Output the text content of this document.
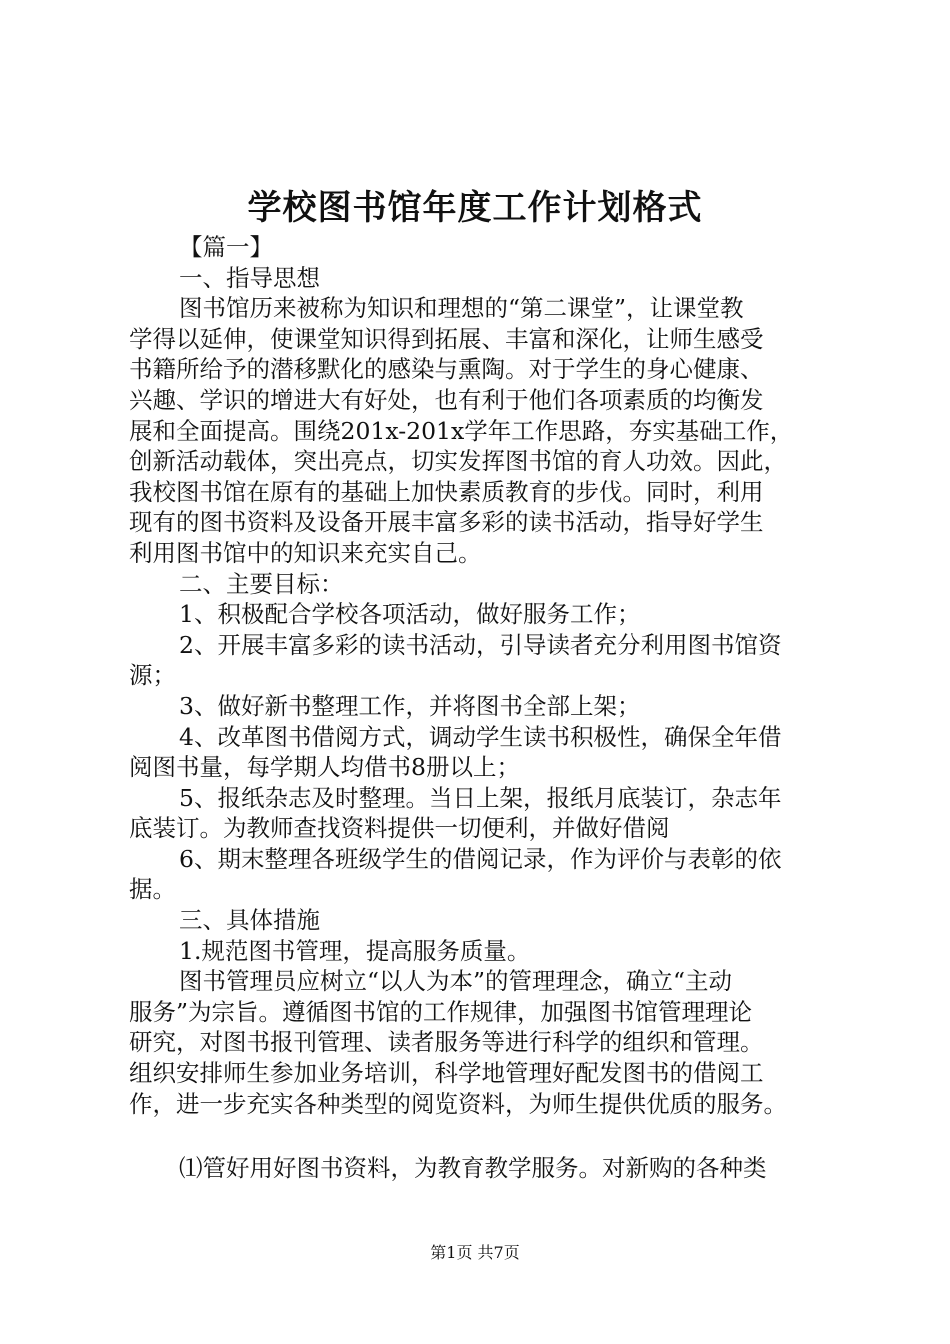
学校图书馆年度工作计划格式
【篇一】
一、指导思想
图书馆历来被称为知识和理想的“第二课堂”，让课堂教
学得以延伸，使课堂知识得到拓展、丰富和深化，让师生感受
书籍所给予的潜移默化的感染与熏陶。对于学生的身心健康、
兴趣、学识的增进大有好处，也有利于他们各项素质的均衡发
展和全面提高。围绕201x-201x学年工作思路，夯实基础工作，
创新活动载体，突出亮点，切实发挥图书馆的育人功效。因此，
我校图书馆在原有的基础上加快素质教育的步伐。同时，利用
现有的图书资料及设备开展丰富多彩的读书活动，指导好学生
利用图书馆中的知识来充实自己。
二、主要目标：
1、积极配合学校各项活动，做好服务工作；
2、开展丰富多彩的读书活动，引导读者充分利用图书馆资
源；
3、做好新书整理工作，并将图书全部上架；
4、改革图书借阅方式，调动学生读书积极性，确保全年借
阅图书量，每学期人均借书8册以上；
5、报纸杂志及时整理。当日上架，报纸月底装订，杂志年
底装订。为教师查找资料提供一切便利，并做好借阅
6、期末整理各班级学生的借阅记录，作为评价与表彰的依
据。
三、具体措施
1.规范图书管理，提高服务质量。
图书管理员应树立“以人为本”的管理理念，确立“主动
服务”为宗旨。遵循图书馆的工作规律，加强图书馆管理理论
研究，对图书报刊管理、读者服务等进行科学的组织和管理。
组织安排师生参加业务培训，科学地管理好配发图书的借阅工
作，进一步充实各种类型的阅览资料，为师生提供优质的服务。
⑴管好用好图书资料，为教育教学服务。对新购的各种类
第1页 共7页
